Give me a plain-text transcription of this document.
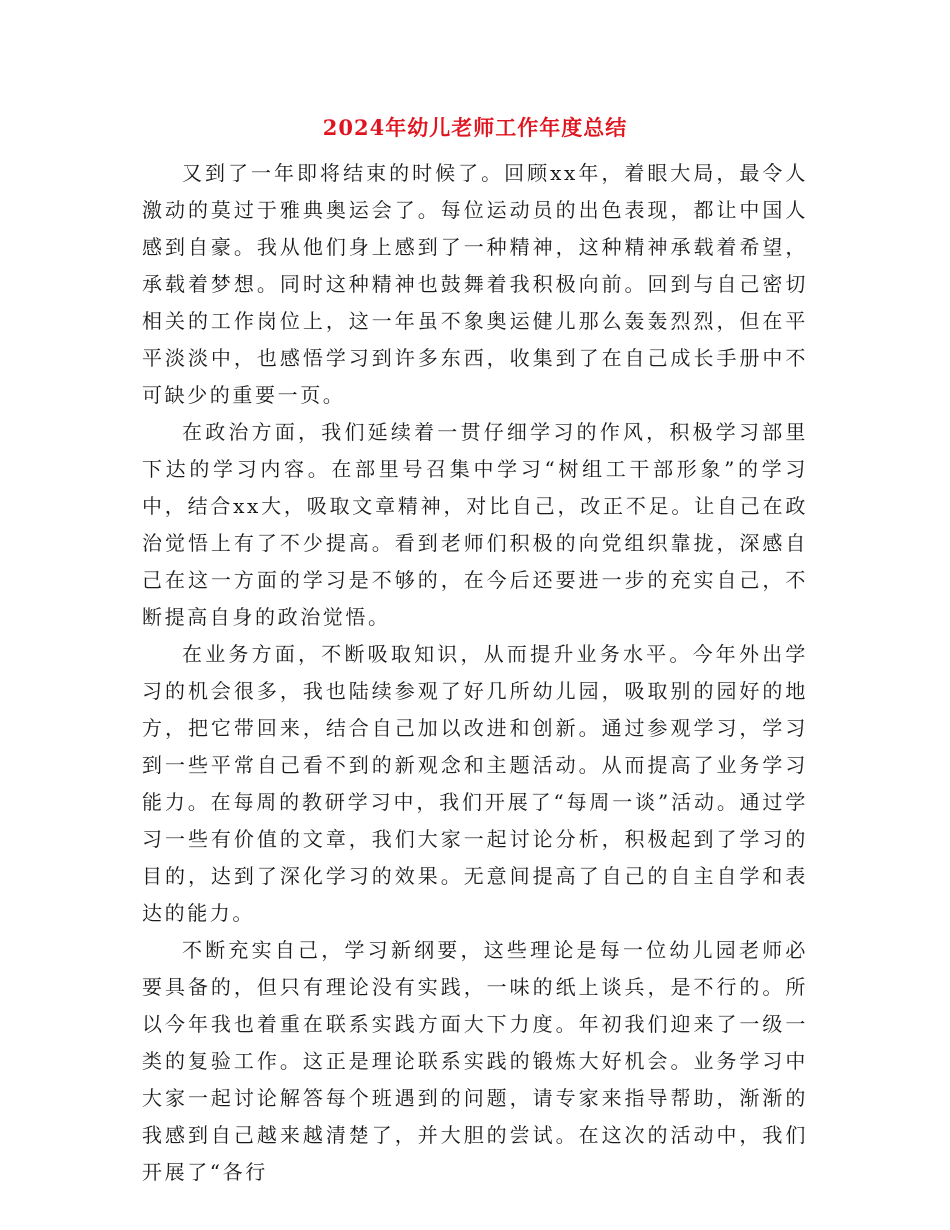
2024年幼儿老师工作年度总结

又到了一年即将结束的时候了。回顾xx年，着眼大局，最令人激动的莫过于雅典奥运会了。每位运动员的出色表现，都让中国人感到自豪。我从他们身上感到了一种精神，这种精神承载着希望，承载着梦想。同时这种精神也鼓舞着我积极向前。回到与自己密切相关的工作岗位上，这一年虽不象奥运健儿那么轰轰烈烈，但在平平淡淡中，也感悟学习到许多东西，收集到了在自己成长手册中不可缺少的重要一页。

在政治方面，我们延续着一贯仔细学习的作风，积极学习部里下达的学习内容。在部里号召集中学习“树组工干部形象”的学习中，结合xx大，吸取文章精神，对比自己，改正不足。让自己在政治觉悟上有了不少提高。看到老师们积极的向党组织靠拢，深感自己在这一方面的学习是不够的，在今后还要进一步的充实自己，不断提高自身的政治觉悟。

在业务方面，不断吸取知识，从而提升业务水平。今年外出学习的机会很多，我也陆续参观了好几所幼儿园，吸取别的园好的地方，把它带回来，结合自己加以改进和创新。通过参观学习，学习到一些平常自己看不到的新观念和主题活动。从而提高了业务学习能力。在每周的教研学习中，我们开展了“每周一谈”活动。通过学习一些有价值的文章，我们大家一起讨论分析，积极起到了学习的目的，达到了深化学习的效果。无意间提高了自己的自主自学和表达的能力。

不断充实自己，学习新纲要，这些理论是每一位幼儿园老师必要具备的，但只有理论没有实践，一味的纸上谈兵，是不行的。所以今年我也着重在联系实践方面大下力度。年初我们迎来了一级一类的复验工作。这正是理论联系实践的锻炼大好机会。业务学习中大家一起讨论解答每个班遇到的问题，请专家来指导帮助，渐渐的我感到自己越来越清楚了，并大胆的尝试。在这次的活动中，我们开展了“各行
